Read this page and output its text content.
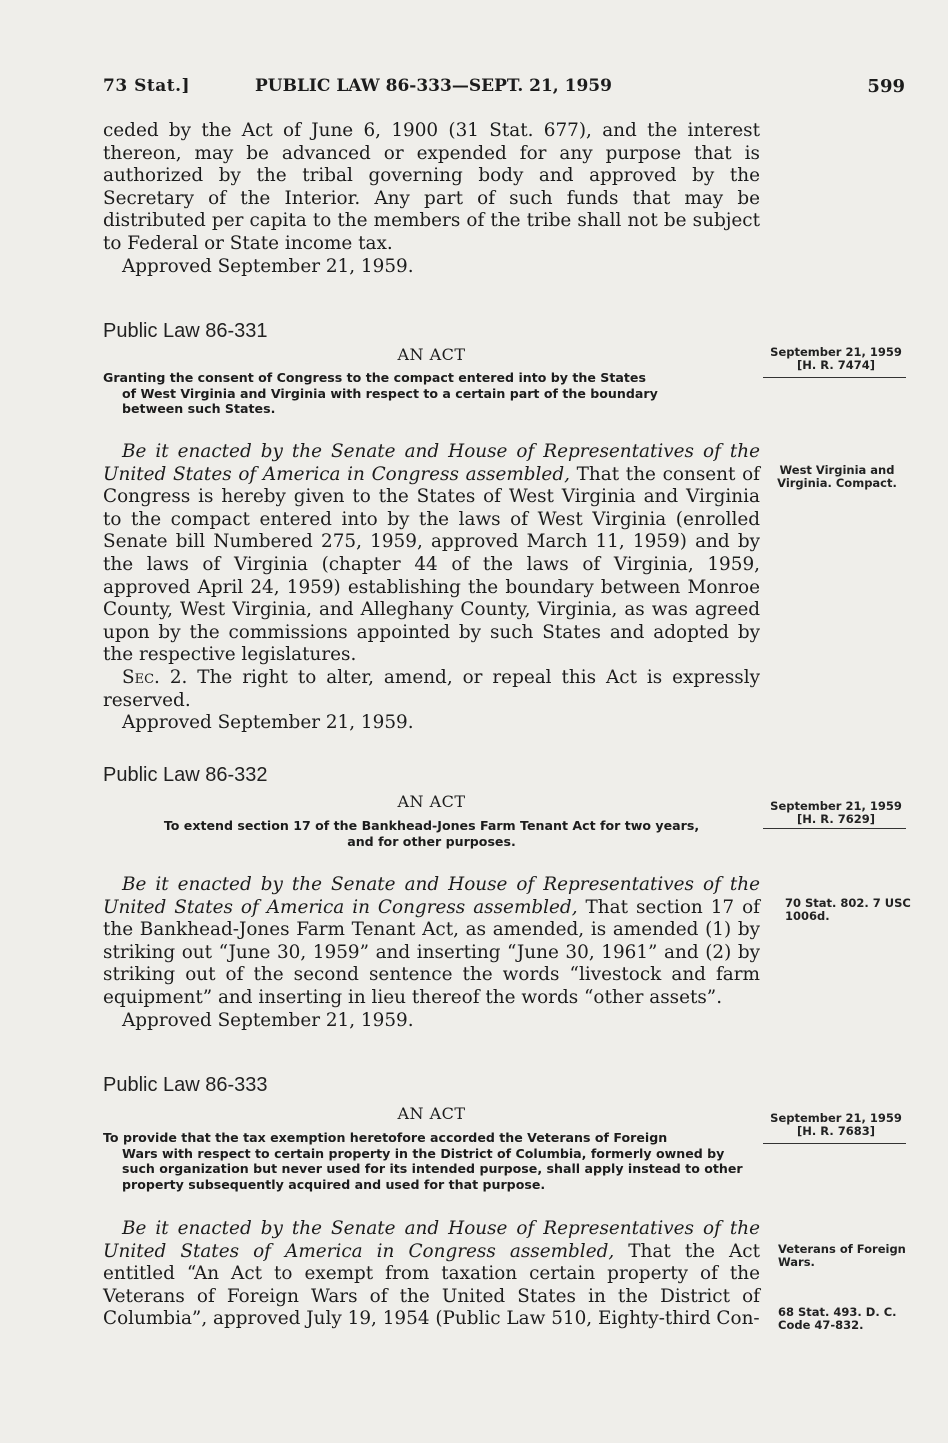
73 Stat.]	PUBLIC LAW 86-333—SEPT. 21, 1959	599

ceded by the Act of June 6, 1900 (31 Stat. 677), and the interest thereon, may be advanced or expended for any purpose that is authorized by the tribal governing body and approved by the Secretary of the Interior. Any part of such funds that may be distributed per capita to the members of the tribe shall not be subject to Federal or State income tax.

Approved September 21, 1959.

Public Law 86-331
AN ACT
Granting the consent of Congress to the compact entered into by the States
of West Virginia and Virginia with respect to a certain part of the boundary
between such States.
September 21, 1959
[H. R. 7474]

Be it enacted by the Senate and House of Representatives of the United States of America in Congress assembled, That the consent of Congress is hereby given to the States of West Virginia and Virginia to the compact entered into by the laws of West Virginia (enrolled Senate bill Numbered 275, 1959, approved March 11, 1959) and by the laws of Virginia (chapter 44 of the laws of Virginia, 1959, approved April 24, 1959) establishing the boundary between Monroe County, West Virginia, and Alleghany County, Virginia, as was agreed upon by the commissions appointed by such States and adopted by the respective legislatures.

Sec. 2. The right to alter, amend, or repeal this Act is expressly reserved.

Approved September 21, 1959.

West Virginia and Virginia. Compact.
Public Law 86-332
AN ACT
To extend section 17 of the Bankhead-Jones Farm Tenant Act for two years,
and for other purposes.
September 21, 1959
[H. R. 7629]

Be it enacted by the Senate and House of Representatives of the United States of America in Congress assembled, That section 17 of the Bankhead-Jones Farm Tenant Act, as amended, is amended (1) by striking out “June 30, 1959” and inserting “June 30, 1961” and (2) by striking out of the second sentence the words “livestock and farm equipment” and inserting in lieu thereof the words “other assets”.

Approved September 21, 1959.

70 Stat. 802. 7 USC 1006d.
Public Law 86-333
AN ACT
To provide that the tax exemption heretofore accorded the Veterans of Foreign
Wars with respect to certain property in the District of Columbia, formerly owned by such organization but never used for its intended purpose, shall apply instead to other property subsequently acquired and used for that purpose.
September 21, 1959
[H. R. 7683]

Be it enacted by the Senate and House of Representatives of the United States of America in Congress assembled, That the Act entitled “An Act to exempt from taxation certain property of the Veterans of Foreign Wars of the United States in the District of Columbia”, approved July 19, 1954 (Public Law 510, Eighty-third Con-

Veterans of Foreign Wars.
68 Stat. 493. D. C. Code 47-832.
